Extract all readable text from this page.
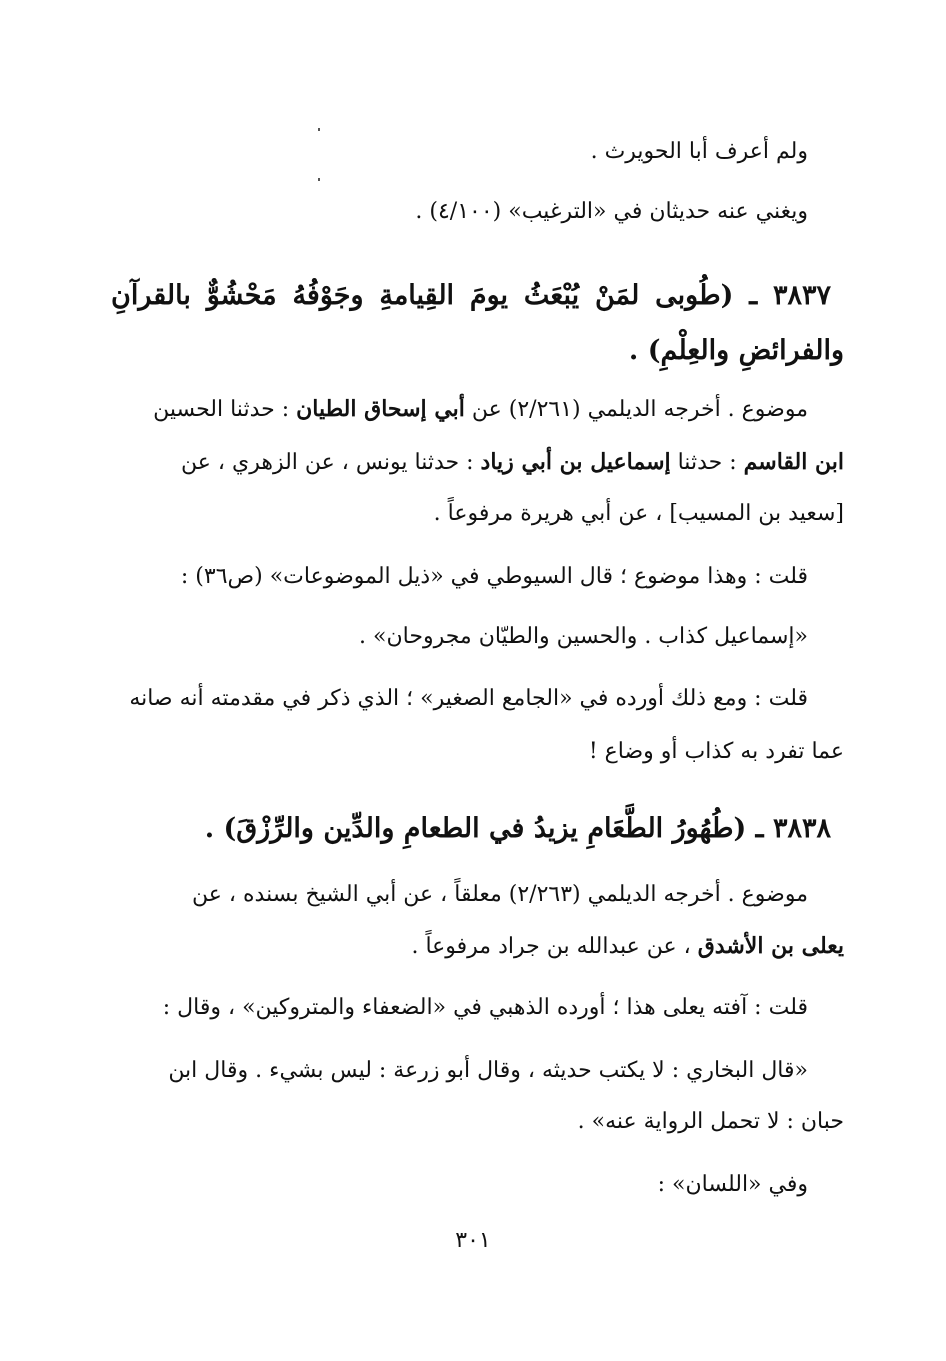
ولم أعرف أبا الحويرث .
ويغني عنه حديثان في «الترغيب» (٤/١٠٠) .
٣٨٣٧ ـ (طُوبى لمَنْ يُبْعَثُ يومَ القِيامةِ وجَوْفُهُ مَحْشُوٌّ بالقرآنِ
والفرائضِ والعِلْمِ) .
موضوع . أخرجه الديلمي (٢/٢٦١) عن أبي إسحاق الطيان : حدثنا الحسين
ابن القاسم : حدثنا إسماعيل بن أبي زياد : حدثنا يونس ، عن الزهري ، عن
[سعيد بن المسيب] ، عن أبي هريرة مرفوعاً .
قلت : وهذا موضوع ؛ قال السيوطي في «ذيل الموضوعات» (ص٣٦) :
«إسماعيل كذاب . والحسين والطيّان مجروحان» .
قلت : ومع ذلك أورده في «الجامع الصغير» ؛ الذي ذكر في مقدمته أنه صانه
عما تفرد به كذاب أو وضاع !
٣٨٣٨ ـ (طُهُورُ الطَّعَامِ يزيدُ في الطعامِ والدِّين والرِّزْقَ) .
موضوع . أخرجه الديلمي (٢/٢٦٣) معلقاً ، عن أبي الشيخ بسنده ، عن
يعلى بن الأشدق ، عن عبدالله بن جراد مرفوعاً .
قلت : آفته يعلى هذا ؛ أورده الذهبي في «الضعفاء والمتروكين» ، وقال :
«قال البخاري : لا يكتب حديثه ، وقال أبو زرعة : ليس بشيء . وقال ابن
حبان : لا تحمل الرواية عنه» .
وفي «اللسان» :
٣٠١
